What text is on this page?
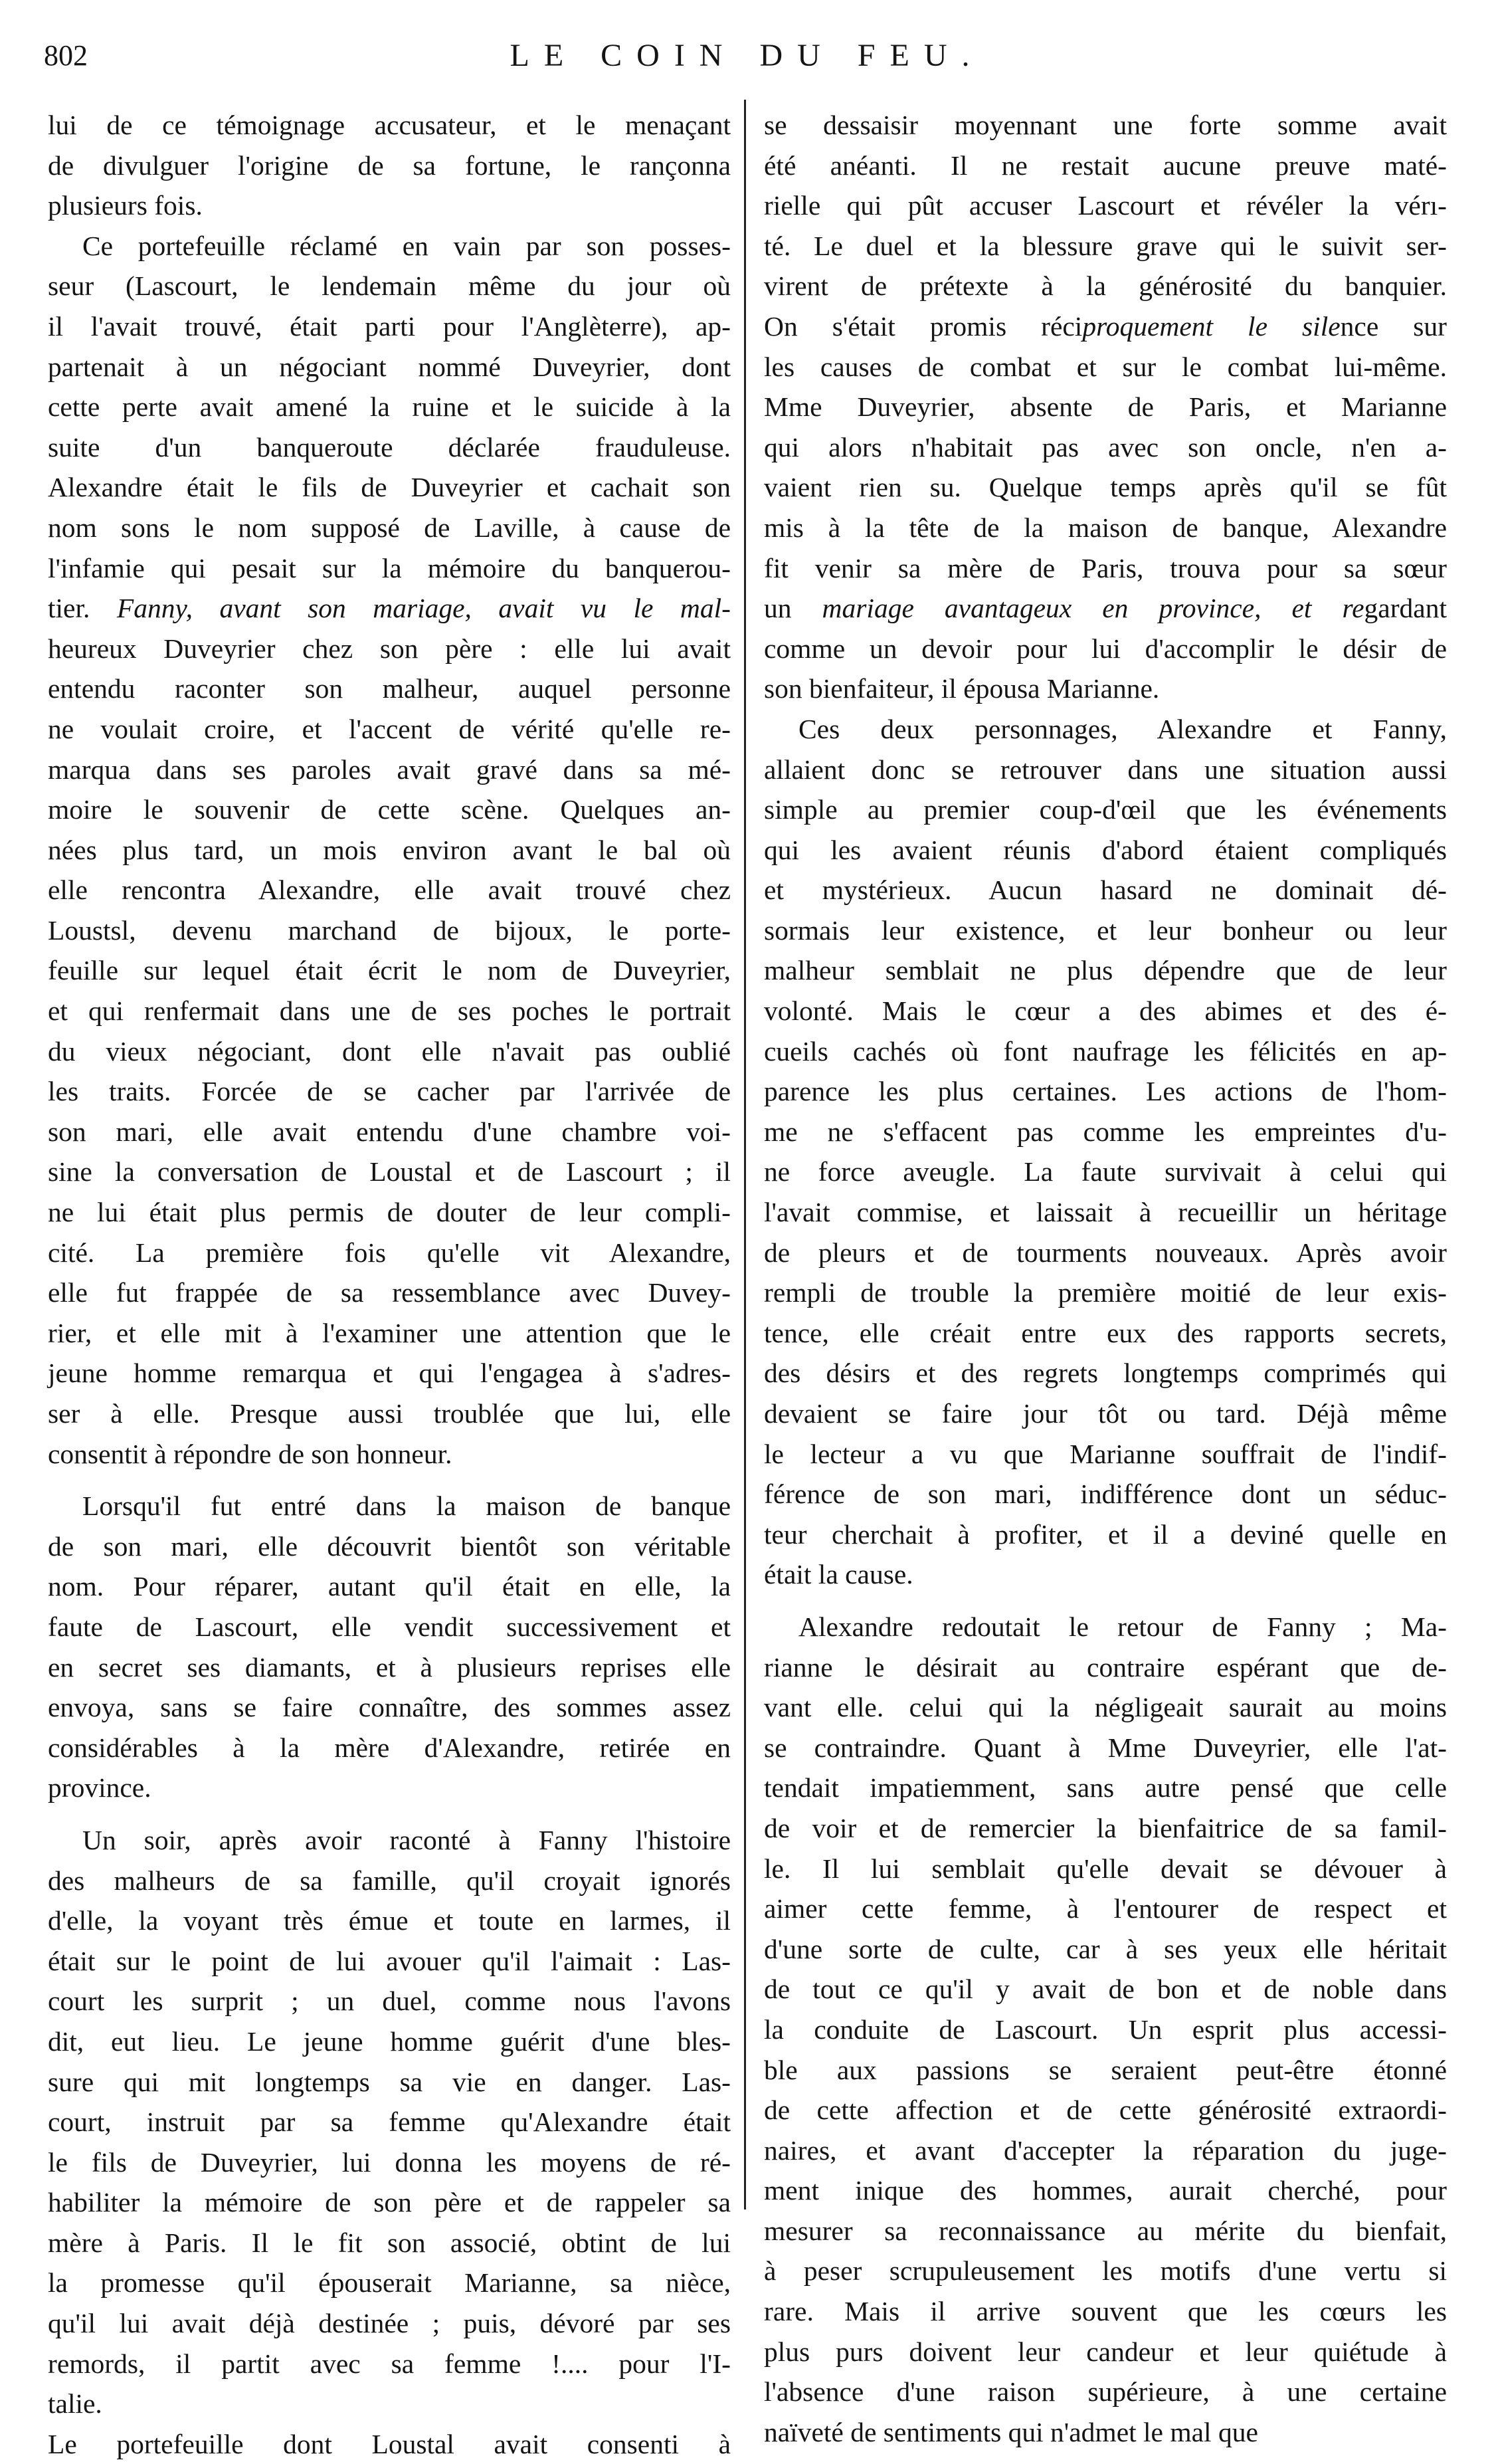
802	LE COIN DU FEU.
lui de ce témoignage accusateur, et le menaçant
de divulguer l'origine de sa fortune, le rançonna
plusieurs fois.
Ce portefeuille réclamé en vain par son posses-
seur (Lascourt, le lendemain même du jour où
il l'avait trouvé, était parti pour l'Anglèterre), ap-
partenait à un négociant nommé Duveyrier, dont
cette perte avait amené la ruine et le suicide à la
suite d'un banqueroute déclarée frauduleuse.
Alexandre était le fils de Duveyrier et cachait son
nom sons le nom supposé de Laville, à cause de
l'infamie qui pesait sur la mémoire du banquerou-
tier. Fanny, avant son mariage, avait vu le mal-
heureux Duveyrier chez son père : elle lui avait
entendu raconter son malheur, auquel personne
ne voulait croire, et l'accent de vérité qu'elle re-
marqua dans ses paroles avait gravé dans sa mé-
moire le souvenir de cette scène. Quelques an-
nées plus tard, un mois environ avant le bal où
elle rencontra Alexandre, elle avait trouvé chez
Loustsl, devenu marchand de bijoux, le porte-
feuille sur lequel était écrit le nom de Duveyrier,
et qui renfermait dans une de ses poches le portrait
du vieux négociant, dont elle n'avait pas oublié
les traits. Forcée de se cacher par l'arrivée de
son mari, elle avait entendu d'une chambre voi-
sine la conversation de Loustal et de Lascourt ; il
ne lui était plus permis de douter de leur compli-
cité. La première fois qu'elle vit Alexandre,
elle fut frappée de sa ressemblance avec Duvey-
rier, et elle mit à l'examiner une attention que le
jeune homme remarqua et qui l'engagea à s'adres-
ser à elle. Presque aussi troublée que lui, elle
consentit à répondre de son honneur.
Lorsqu'il fut entré dans la maison de banque
de son mari, elle découvrit bientôt son véritable
nom. Pour réparer, autant qu'il était en elle, la
faute de Lascourt, elle vendit successivement et
en secret ses diamants, et à plusieurs reprises elle
envoya, sans se faire connaître, des sommes assez
considérables à la mère d'Alexandre, retirée en
province.
Un soir, après avoir raconté à Fanny l'histoire
des malheurs de sa famille, qu'il croyait ignorés
d'elle, la voyant très émue et toute en larmes, il
était sur le point de lui avouer qu'il l'aimait : Las-
court les surprit ; un duel, comme nous l'avons
dit, eut lieu. Le jeune homme guérit d'une bles-
sure qui mit longtemps sa vie en danger. Las-
court, instruit par sa femme qu'Alexandre était
le fils de Duveyrier, lui donna les moyens de ré-
habiliter la mémoire de son père et de rappeler sa
mère à Paris. Il le fit son associé, obtint de lui
la promesse qu'il épouserait Marianne, sa nièce,
qu'il lui avait déjà destinée ; puis, dévoré par ses
remords, il partit avec sa femme !.... pour l'I-
talie.
Le portefeuille dont Loustal avait consenti à
se dessaisir moyennant une forte somme avait
été anéanti. Il ne restait aucune preuve maté-
rielle qui pût accuser Lascourt et révéler la vérı-
té. Le duel et la blessure grave qui le suivit ser-
virent de prétexte à la générosité du banquier.
On s'était promis réciproquement le silence sur
les causes de combat et sur le combat lui-même.
Mme Duveyrier, absente de Paris, et Marianne
qui alors n'habitait pas avec son oncle, n'en a-
vaient rien su. Quelque temps après qu'il se fût
mis à la tête de la maison de banque, Alexandre
fit venir sa mère de Paris, trouva pour sa sœur
un mariage avantageux en province, et regardant
comme un devoir pour lui d'accomplir le désir de
son bienfaiteur, il épousa Marianne.
Ces deux personnages, Alexandre et Fanny,
allaient donc se retrouver dans une situation aussi
simple au premier coup-d'œil que les événements
qui les avaient réunis d'abord étaient compliqués
et mystérieux. Aucun hasard ne dominait dé-
sormais leur existence, et leur bonheur ou leur
malheur semblait ne plus dépendre que de leur
volonté. Mais le cœur a des abimes et des é-
cueils cachés où font naufrage les félicités en ap-
parence les plus certaines. Les actions de l'hom-
me ne s'effacent pas comme les empreintes d'u-
ne force aveugle. La faute survivait à celui qui
l'avait commise, et laissait à recueillir un héritage
de pleurs et de tourments nouveaux. Après avoir
rempli de trouble la première moitié de leur exis-
tence, elle créait entre eux des rapports secrets,
des désirs et des regrets longtemps comprimés qui
devaient se faire jour tôt ou tard. Déjà même
le lecteur a vu que Marianne souffrait de l'indif-
férence de son mari, indifférence dont un séduc-
teur cherchait à profiter, et il a deviné quelle en
était la cause.
Alexandre redoutait le retour de Fanny ; Ma-
rianne le désirait au contraire espérant que de-
vant elle. celui qui la négligeait saurait au moins
se contraindre. Quant à Mme Duveyrier, elle l'at-
tendait impatiemment, sans autre pensé que celle
de voir et de remercier la bienfaitrice de sa famil-
le. Il lui semblait qu'elle devait se dévouer à
aimer cette femme, à l'entourer de respect et
d'une sorte de culte, car à ses yeux elle héritait
de tout ce qu'il y avait de bon et de noble dans
la conduite de Lascourt. Un esprit plus accessi-
ble aux passions se seraient peut-être étonné
de cette affection et de cette générosité extraordi-
naires, et avant d'accepter la réparation du juge-
ment inique des hommes, aurait cherché, pour
mesurer sa reconnaissance au mérite du bienfait,
à peser scrupuleusement les motifs d'une vertu si
rare. Mais il arrive souvent que les cœurs les
plus purs doivent leur candeur et leur quiétude à
l'absence d'une raison supérieure, à une certaine
naïveté de sentiments qui n'admet le mal que
